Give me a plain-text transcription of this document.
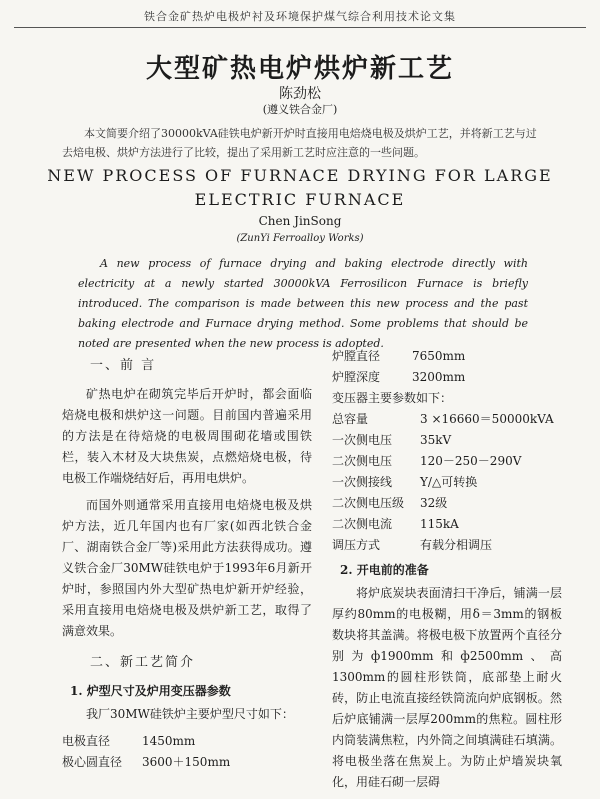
铁合金矿热炉电极炉衬及环境保护煤气综合利用技术论文集
大型矿热电炉烘炉新工艺
陈劲松
(遵义铁合金厂)
本文简要介绍了30000kVA硅铁电炉新开炉时直接用电焙烧电极及烘炉工艺，并将新工艺与过去焙电极、烘炉方法进行了比较，提出了采用新工艺时应注意的一些问题。
NEW PROCESS OF FURNACE DRYING FOR LARGE
ELECTRIC FURNACE
Chen JinSong
(ZunYi Ferroalloy Works)
A new process of furnace drying and baking electrode directly with electricity at a newly started 30000kVA Ferrosilicon Furnace is briefly introduced. The comparison is made between this new process and the past baking electrode and Furnace drying method. Some problems that should be noted are presented when the new process is adopted.
一、前 言

矿热电炉在砌筑完毕后开炉时，都会面临焙烧电极和烘炉这一问题。目前国内普遍采用的方法是在待焙烧的电极周围砌花墙或围铁栏，装入木材及大块焦炭，点燃焙烧电极，待电极工作端烧结好后，再用电烘炉。

而国外则通常采用直接用电焙烧电极及烘炉方法，近几年国内也有厂家(如西北铁合金厂、湖南铁合金厂等)采用此方法获得成功。遵义铁合金厂30MW硅铁电炉于1993年6月新开炉时，参照国内外大型矿热电炉新开炉经验，采用直接用电焙烧电极及烘炉新工艺，取得了满意效果。

二、新工艺简介
1. 炉型尺寸及炉用变压器参数
我厂30MW硅铁炉主要炉型尺寸如下：
电极直径	1450mm
极心圆直径	3600＋150mm
炉膛直径	7650mm
炉膛深度	3200mm
变压器主要参数如下：
总容量	3 ×16660＝50000kVA
一次侧电压	35kV
二次侧电压	120－250－290V
一次侧接线	Y/△可转换
二次侧电压级	32级
二次侧电流	115kA
调压方式	有载分相调压
2. 开电前的准备

将炉底炭块表面清扫干净后，铺满一层厚约80mm的电极糊，用δ＝3mm的钢板数块将其盖满。将极电极下放置两个直径分别为ф1900mm和ф2500mm、高1300mm的圆柱形铁筒，底部垫上耐火砖，防止电流直接经铁筒流向炉底钢板。然后炉底铺满一层厚200mm的焦粒。圆柱形内筒装满焦粒，内外筒之间填满硅石填满。将电极坐落在焦炭上。为防止炉墙炭块氧化，用硅石砌一层碍
